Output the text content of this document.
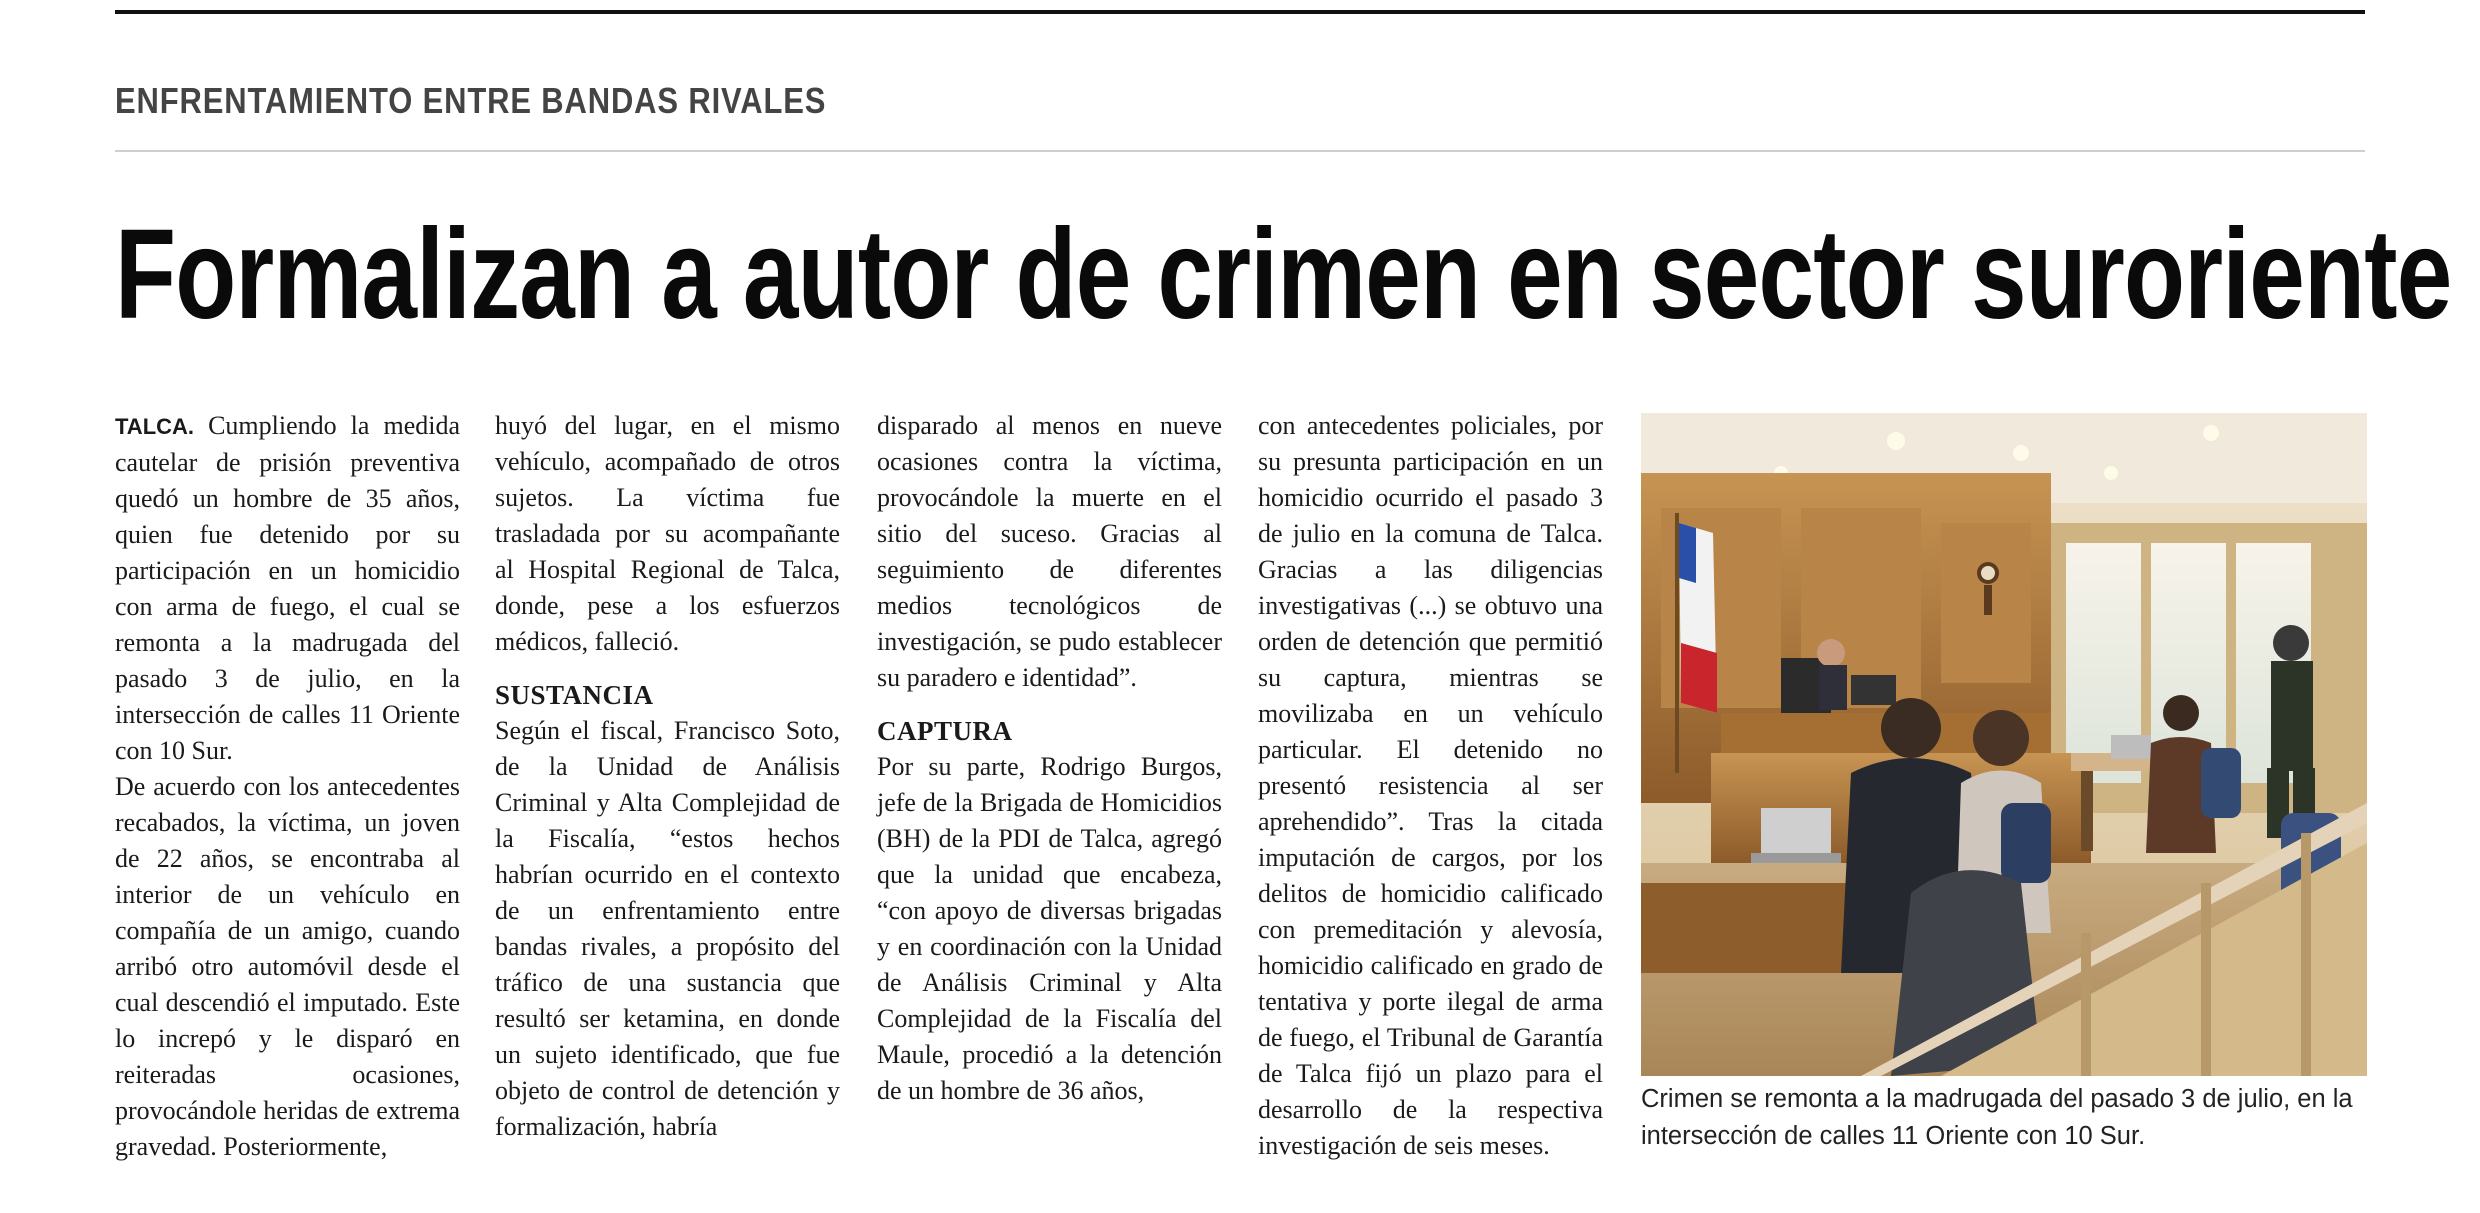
ENFRENTAMIENTO ENTRE BANDAS RIVALES
Formalizan a autor de crimen en sector suroriente

TALCA. Cumpliendo la medida cautelar de prisión preventiva quedó un hombre de 35 años, quien fue detenido por su participación en un homicidio con arma de fuego, el cual se remonta a la madrugada del pasado 3 de julio, en la intersección de calles 11 Oriente con 10 Sur.

De acuerdo con los antecedentes recabados, la víctima, un joven de 22 años, se encontraba al interior de un vehículo en compañía de un amigo, cuando arribó otro automóvil desde el cual descendió el imputado. Este lo increpó y le disparó en reiteradas ocasiones, provocándole heridas de extrema gravedad. Posteriormente,

huyó del lugar, en el mismo vehículo, acompañado de otros sujetos. La víctima fue trasladada por su acompañante al Hospital Regional de Talca, donde, pese a los esfuerzos médicos, falleció.

SUSTANCIA

Según el fiscal, Francisco Soto, de la Unidad de Análisis Criminal y Alta Complejidad de la Fiscalía, “estos hechos habrían ocurrido en el contexto de un enfrentamiento entre bandas rivales, a propósito del tráfico de una sustancia que resultó ser ketamina, en donde un sujeto identificado, que fue objeto de control de detención y formalización, habría

disparado al menos en nueve ocasiones contra la víctima, provocándole la muerte en el sitio del suceso. Gracias al seguimiento de diferentes medios tecnológicos de investigación, se pudo establecer su paradero e identidad”.

CAPTURA

Por su parte, Rodrigo Burgos, jefe de la Brigada de Homicidios (BH) de la PDI de Talca, agregó que la unidad que encabeza, “con apoyo de diversas brigadas y en coordinación con la Unidad de Análisis Criminal y Alta Complejidad de la Fiscalía del Maule, procedió a la detención de un hombre de 36 años,

con antecedentes policiales, por su presunta participación en un homicidio ocurrido el pasado 3 de julio en la comuna de Talca. Gracias a las diligencias investigativas (...) se obtuvo una orden de detención que permitió su captura, mientras se movilizaba en un vehículo particular. El detenido no presentó resistencia al ser aprehendido”. Tras la citada imputación de cargos, por los delitos de homicidio calificado con premeditación y alevosía, homicidio calificado en grado de tentativa y porte ilegal de arma de fuego, el Tribunal de Garantía de Talca fijó un plazo para el desarrollo de la respectiva investigación de seis meses.

Crimen se remonta a la madrugada del pasado 3 de julio, en la intersección de calles 11 Oriente con 10 Sur.
